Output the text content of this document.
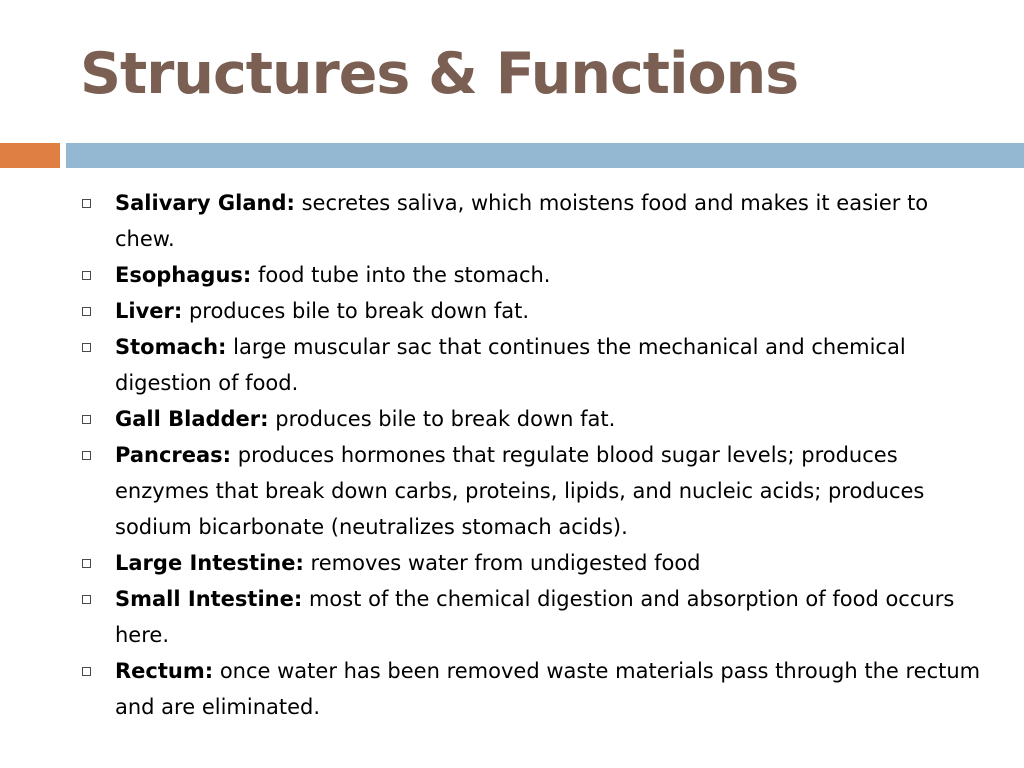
Structures & Functions
Salivary Gland: secretes saliva, which moistens food and makes it easier to chew.
Esophagus: food tube into the stomach.
Liver: produces bile to break down fat.
Stomach: large muscular sac that continues the mechanical and chemical digestion of food.
Gall Bladder: produces bile to break down fat.
Pancreas: produces hormones that regulate blood sugar levels; produces enzymes that break down carbs, proteins, lipids, and nucleic acids; produces sodium bicarbonate (neutralizes stomach acids).
Large Intestine: removes water from undigested food
Small Intestine: most of the chemical digestion and absorption of food occurs here.
Rectum: once water has been removed waste materials pass through the rectum and are eliminated.
